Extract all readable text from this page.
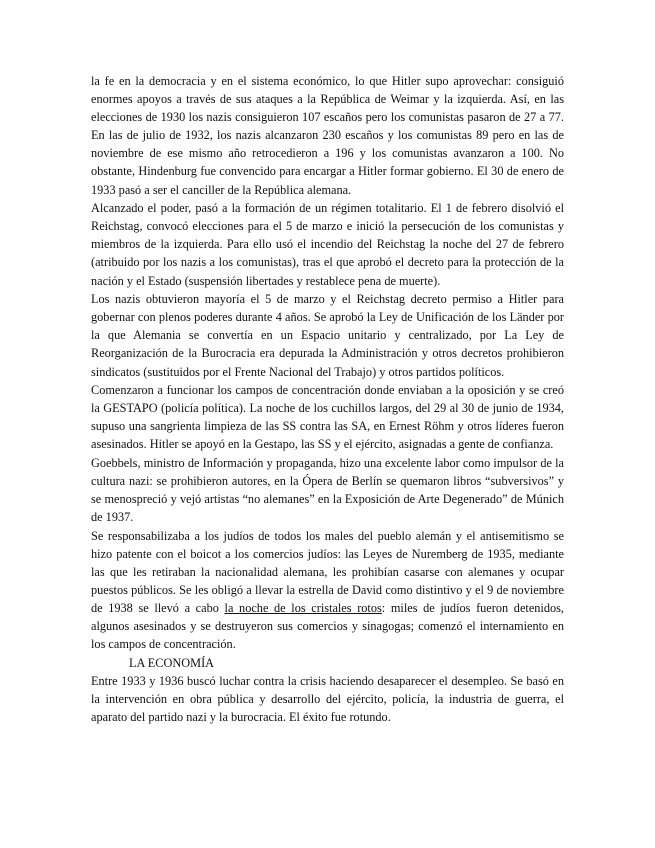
la fe en la democracia y en el sistema económico, lo que Hitler supo aprovechar: consiguió enormes apoyos a través de sus ataques a la República de Weimar y la izquierda. Así, en las elecciones de 1930 los nazis consiguieron 107 escaños pero los comunistas pasaron de 27 a 77. En las de julio de 1932, los nazis alcanzaron 230 escaños y los comunistas 89 pero en las de noviembre de ese mismo año retrocedieron a 196 y los comunistas avanzaron a 100. No obstante, Hindenburg fue convencido para encargar a Hitler formar gobierno. El 30 de enero de 1933 pasó a ser el canciller de la República alemana.

Alcanzado el poder, pasó a la formación de un régimen totalitario. El 1 de febrero disolvió el Reichstag, convocó elecciones para el 5 de marzo e inició la persecución de los comunistas y miembros de la izquierda. Para ello usó el incendio del Reichstag la noche del 27 de febrero (atribuido por los nazis a los comunistas), tras el que aprobó el decreto para la protección de la nación y el Estado (suspensión libertades y restablece pena de muerte).

Los nazis obtuvieron mayoría el 5 de marzo y el Reichstag decreto permiso a Hitler para gobernar con plenos poderes durante 4 años. Se aprobó la Ley de Unificación de los Länder por la que Alemania se convertía en un Espacio unitario y centralizado, por La Ley de Reorganización de la Burocracia era depurada la Administración y otros decretos prohibieron sindicatos (sustituidos por el Frente Nacional del Trabajo) y otros partidos políticos.

Comenzaron a funcionar los campos de concentración donde enviaban a la oposición y se creó la GESTAPO (policía política). La noche de los cuchillos largos, del 29 al 30 de junio de 1934, supuso una sangrienta limpieza de las SS contra las SA, en Ernest Röhm y otros líderes fueron asesinados. Hitler se apoyó en la Gestapo, las SS y el ejército, asignadas a gente de confianza.

Goebbels, ministro de Información y propaganda, hizo una excelente labor como impulsor de la cultura nazi: se prohibieron autores, en la Ópera de Berlín se quemaron libros “subversivos” y se menospreció y vejó artistas “no alemanes” en la Exposición de Arte Degenerado” de Múnich de 1937.

Se responsabilizaba a los judíos de todos los males del pueblo alemán y el antisemitismo se hizo patente con el boicot a los comercios judíos: las Leyes de Nuremberg de 1935, mediante las que les retiraban la nacionalidad alemana, les prohibían casarse con alemanes y ocupar puestos públicos. Se les obligó a llevar la estrella de David como distintivo y el 9 de noviembre de 1938 se llevó a cabo la noche de los cristales rotos: miles de judíos fueron detenidos, algunos asesinados y se destruyeron sus comercios y sinagogas; comenzó el internamiento en los campos de concentración.

LA ECONOMÍA

Entre 1933 y 1936 buscó luchar contra la crisis haciendo desaparecer el desempleo. Se basó en la intervención en obra pública y desarrollo del ejército, policía, la industria de guerra, el aparato del partido nazi y la burocracia. El éxito fue rotundo.
